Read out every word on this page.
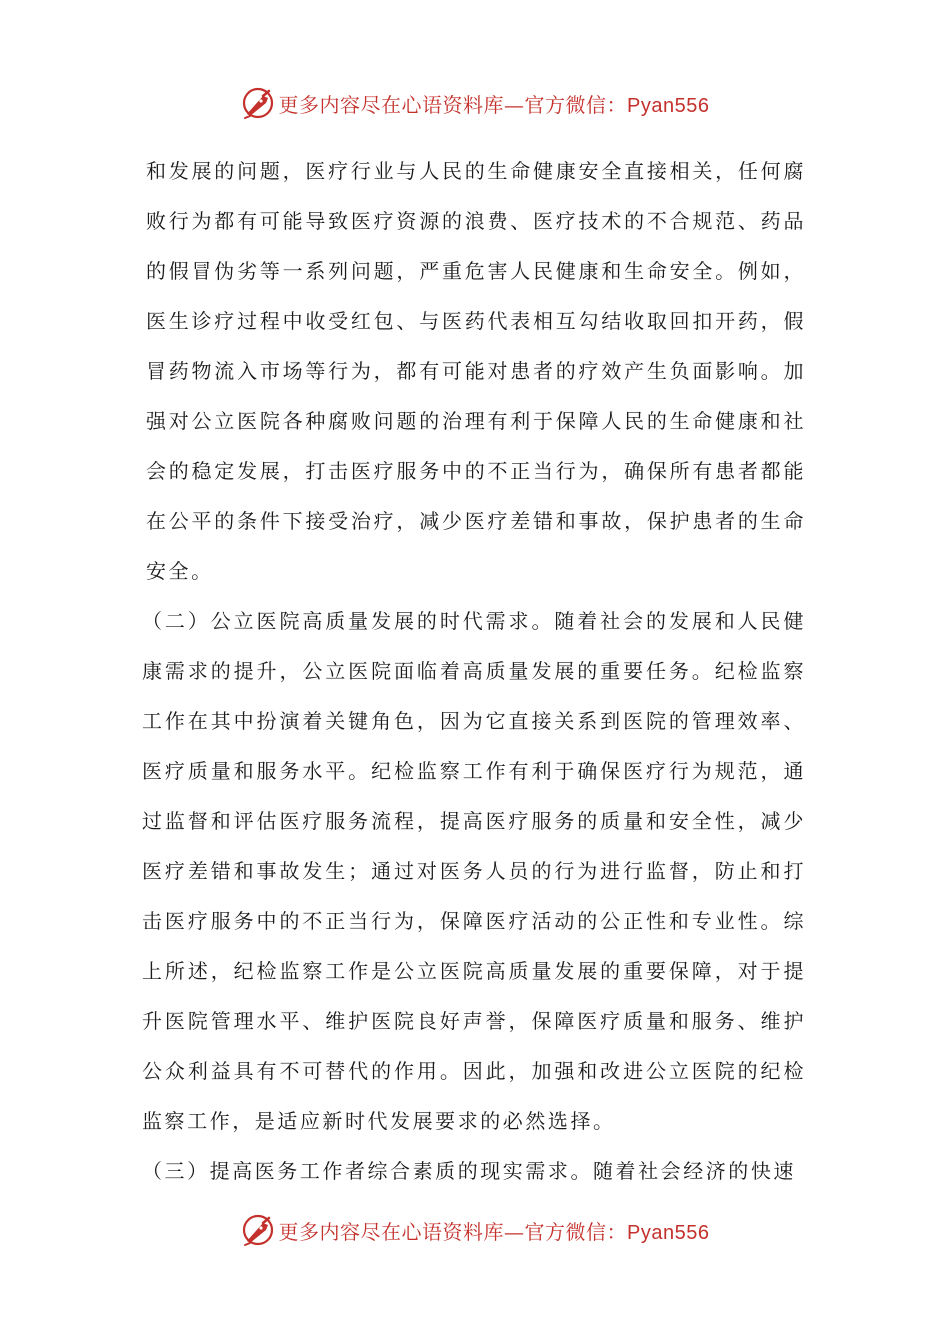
更多内容尽在心语资料库—官方微信：Pyan556

和发展的问题，医疗行业与人民的生命健康安全直接相关，任何腐败行为都有可能导致医疗资源的浪费、医疗技术的不合规范、药品的假冒伪劣等一系列问题，严重危害人民健康和生命安全。例如，医生诊疗过程中收受红包、与医药代表相互勾结收取回扣开药，假冒药物流入市场等行为，都有可能对患者的疗效产生负面影响。加强对公立医院各种腐败问题的治理有利于保障人民的生命健康和社会的稳定发展，打击医疗服务中的不正当行为，确保所有患者都能在公平的条件下接受治疗，减少医疗差错和事故，保护患者的生命安全。

（二）公立医院高质量发展的时代需求。随着社会的发展和人民健康需求的提升，公立医院面临着高质量发展的重要任务。纪检监察工作在其中扮演着关键角色，因为它直接关系到医院的管理效率、医疗质量和服务水平。纪检监察工作有利于确保医疗行为规范，通过监督和评估医疗服务流程，提高医疗服务的质量和安全性，减少医疗差错和事故发生；通过对医务人员的行为进行监督，防止和打击医疗服务中的不正当行为，保障医疗活动的公正性和专业性。综上所述，纪检监察工作是公立医院高质量发展的重要保障，对于提升医院管理水平、维护医院良好声誉，保障医疗质量和服务、维护公众利益具有不可替代的作用。因此，加强和改进公立医院的纪检监察工作，是适应新时代发展要求的必然选择。

（三）提高医务工作者综合素质的现实需求。随着社会经济的快速

更多内容尽在心语资料库—官方微信：Pyan556
